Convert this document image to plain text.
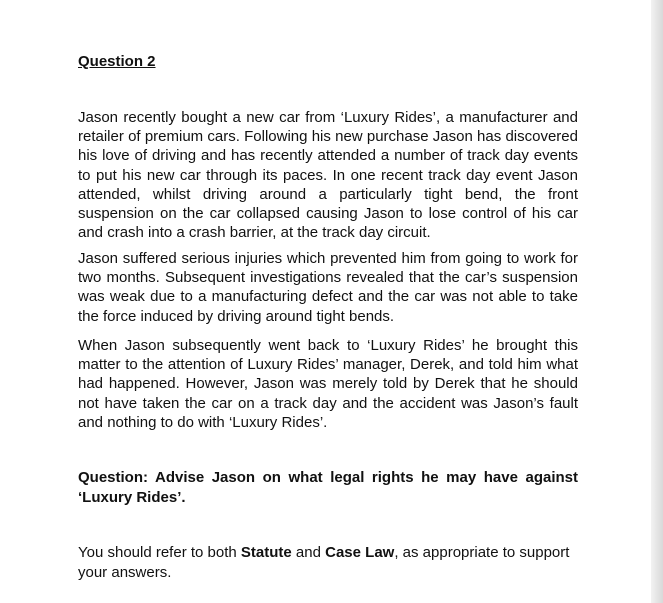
Question 2

Jason recently bought a new car from ‘Luxury Rides’, a manufacturer and retailer of premium cars. Following his new purchase Jason has discovered his love of driving and has recently attended a number of track day events to put his new car through its paces. In one recent track day event Jason attended, whilst driving around a particularly tight bend, the front suspension on the car collapsed causing Jason to lose control of his car and crash into a crash barrier, at the track day circuit.

Jason suffered serious injuries which prevented him from going to work for two months. Subsequent investigations revealed that the car’s suspension was weak due to a manufacturing defect and the car was not able to take the force induced by driving around tight bends.

When Jason subsequently went back to ‘Luxury Rides’ he brought this matter to the attention of Luxury Rides’ manager, Derek, and told him what had happened. However, Jason was merely told by Derek that he should not have taken the car on a track day and the accident was Jason’s fault and nothing to do with ‘Luxury Rides’.

Question: Advise Jason on what legal rights he may have against ‘Luxury Rides’.

You should refer to both Statute and Case Law, as appropriate to support your answers.
